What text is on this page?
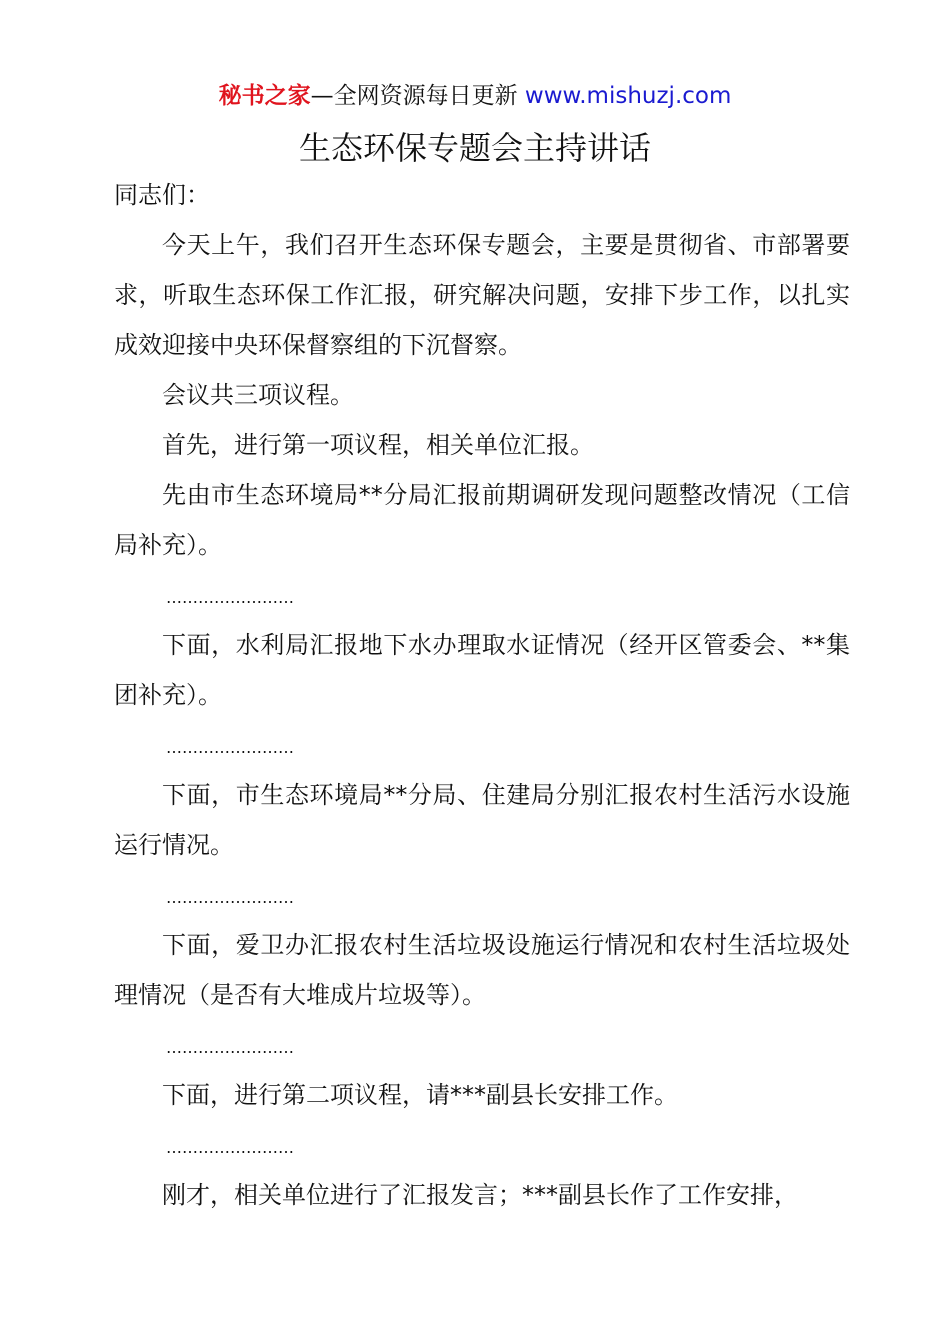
秘书之家—全网资源每日更新 www.mishuzj.com
生态环保专题会主持讲话

同志们：

今天上午，我们召开生态环保专题会，主要是贯彻省、市部署要求，听取生态环保工作汇报，研究解决问题，安排下步工作，以扎实成效迎接中央环保督察组的下沉督察。

会议共三项议程。

首先，进行第一项议程，相关单位汇报。

先由市生态环境局**分局汇报前期调研发现问题整改情况（工信局补充）。

……………………

下面，水利局汇报地下水办理取水证情况（经开区管委会、**集团补充）。

……………………

下面，市生态环境局**分局、住建局分别汇报农村生活污水设施运行情况。

……………………

下面，爱卫办汇报农村生活垃圾设施运行情况和农村生活垃圾处理情况（是否有大堆成片垃圾等）。

……………………

下面，进行第二项议程，请***副县长安排工作。

……………………

刚才，相关单位进行了汇报发言；***副县长作了工作安排，
